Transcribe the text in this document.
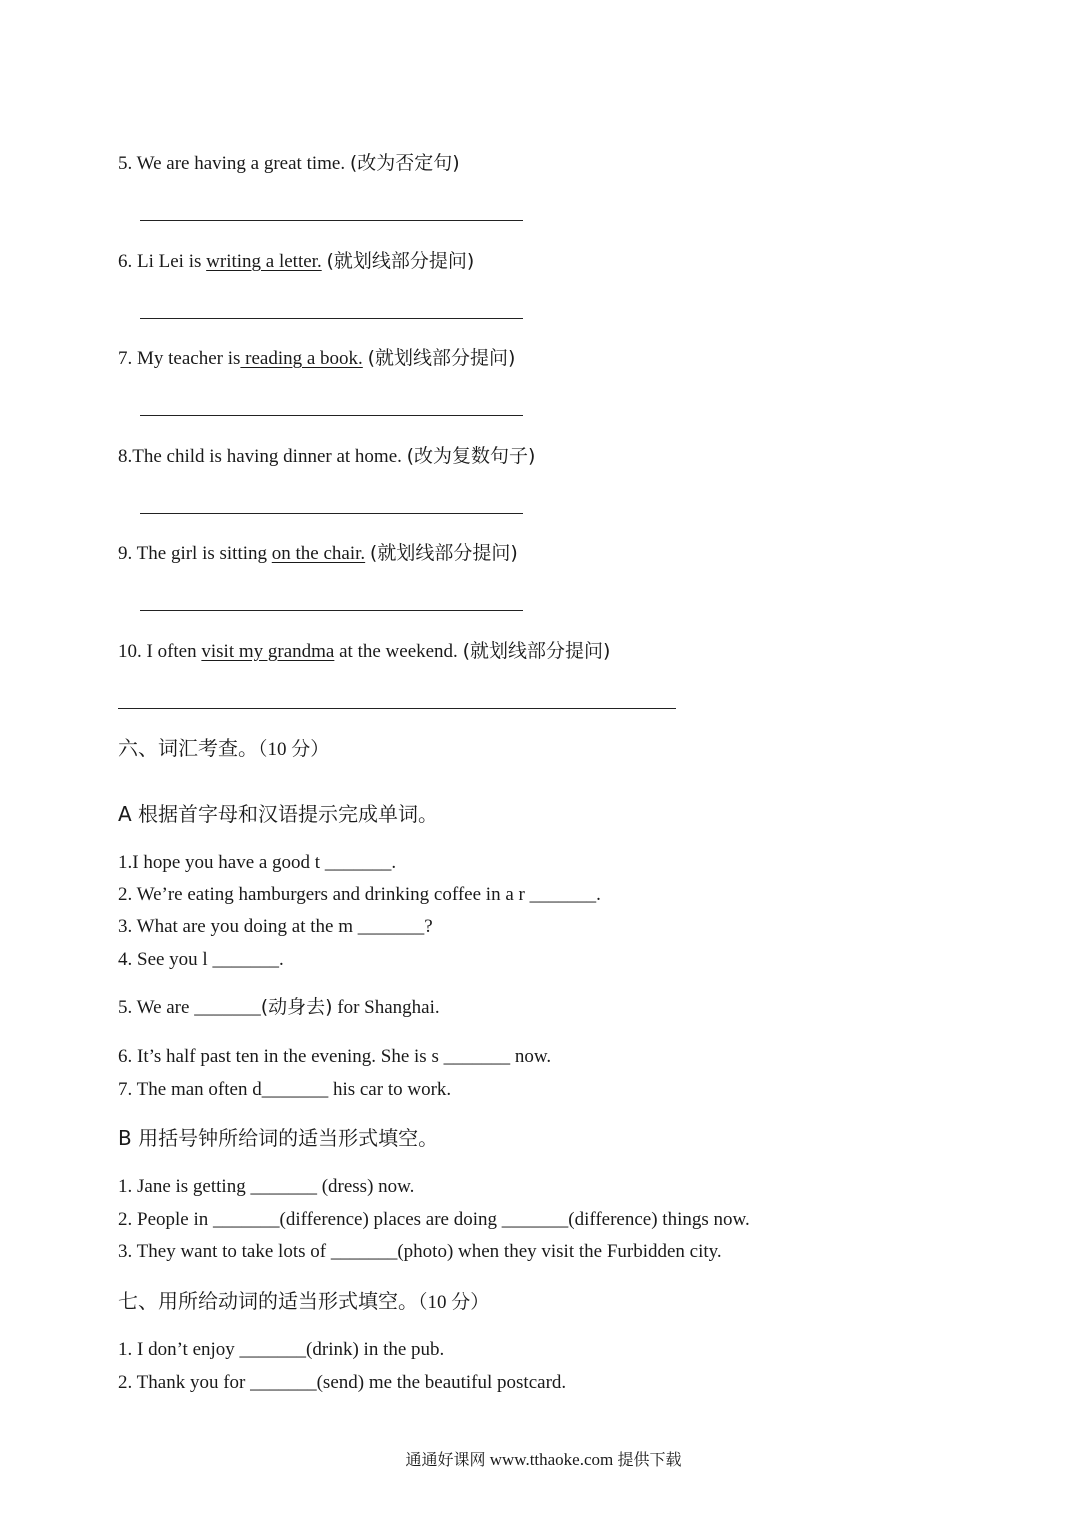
5. We are having a great time. (改为否定句)
6. Li Lei is writing a letter. (就划线部分提问)
7. My teacher is reading a book. (就划线部分提问)
8.The child is having dinner at home. (改为复数句子)
9. The girl is sitting on the chair. (就划线部分提问)
10. I often visit my grandma at the weekend. (就划线部分提问)
六、词汇考查。（10 分）
A 根据首字母和汉语提示完成单词。
1.I hope you have a good t _______.
2. We’re eating hamburgers and drinking coffee in a r _______.
3. What are you doing at the m _______?
4. See you l _______.
5. We are _______(动身去) for Shanghai.
6. It’s half past ten in the evening. She is s _______ now.
7. The man often d_______ his car to work.
B 用括号钟所给词的适当形式填空。
1. Jane is getting _______ (dress) now.
2. People in _______(difference) places are doing _______(difference) things now.
3. They want to take lots of _______(photo) when they visit the Furbidden city.
七、用所给动词的适当形式填空。（10 分）
1. I don’t enjoy _______(drink) in the pub.
2. Thank you for _______(send) me the beautiful postcard.
通通好课网 www.tthaoke.com 提供下载
